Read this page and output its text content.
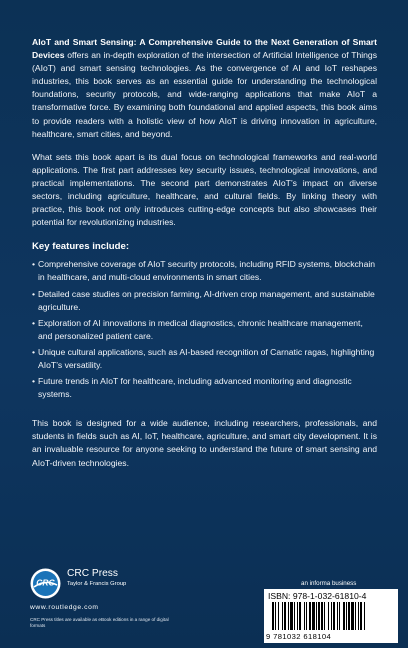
AIoT and Smart Sensing: A Comprehensive Guide to the Next Generation of Smart Devices offers an in-depth exploration of the intersection of Artificial Intelligence of Things (AIoT) and smart sensing technologies. As the convergence of AI and IoT reshapes industries, this book serves as an essential guide for understanding the technological foundations, security protocols, and wide-ranging applications that make AIoT a transformative force. By examining both foundational and applied aspects, this book aims to provide readers with a holistic view of how AIoT is driving innovation in agriculture, healthcare, smart cities, and beyond.

What sets this book apart is its dual focus on technological frameworks and real-world applications. The first part addresses key security issues, technological innovations, and practical implementations. The second part demonstrates AIoT’s impact on diverse sectors, including agriculture, healthcare, and cultural fields. By linking theory with practice, this book not only introduces cutting-edge concepts but also showcases their potential for revolutionizing industries.

Key features include:
• Comprehensive coverage of AIoT security protocols, including RFID systems, blockchain in healthcare, and multi-cloud environments in smart cities.
• Detailed case studies on precision farming, AI-driven crop management, and sustainable agriculture.
• Exploration of AI innovations in medical diagnostics, chronic healthcare management, and personalized patient care.
• Unique cultural applications, such as AI-based recognition of Carnatic ragas, highlighting AIoT’s versatility.
• Future trends in AIoT for healthcare, including advanced monitoring and diagnostic systems.

This book is designed for a wide audience, including researchers, professionals, and students in fields such as AI, IoT, healthcare, agriculture, and smart city development. It is an invaluable resource for anyone seeking to understand the future of smart sensing and AIoT-driven technologies.

CRC
CRC Press
Taylor & Francis Group
www.routledge.com
CRC Press titles are available as eBook editions in a range of digital formats
an informa business
ISBN: 978-1-032-61810-4
9 781032 618104
